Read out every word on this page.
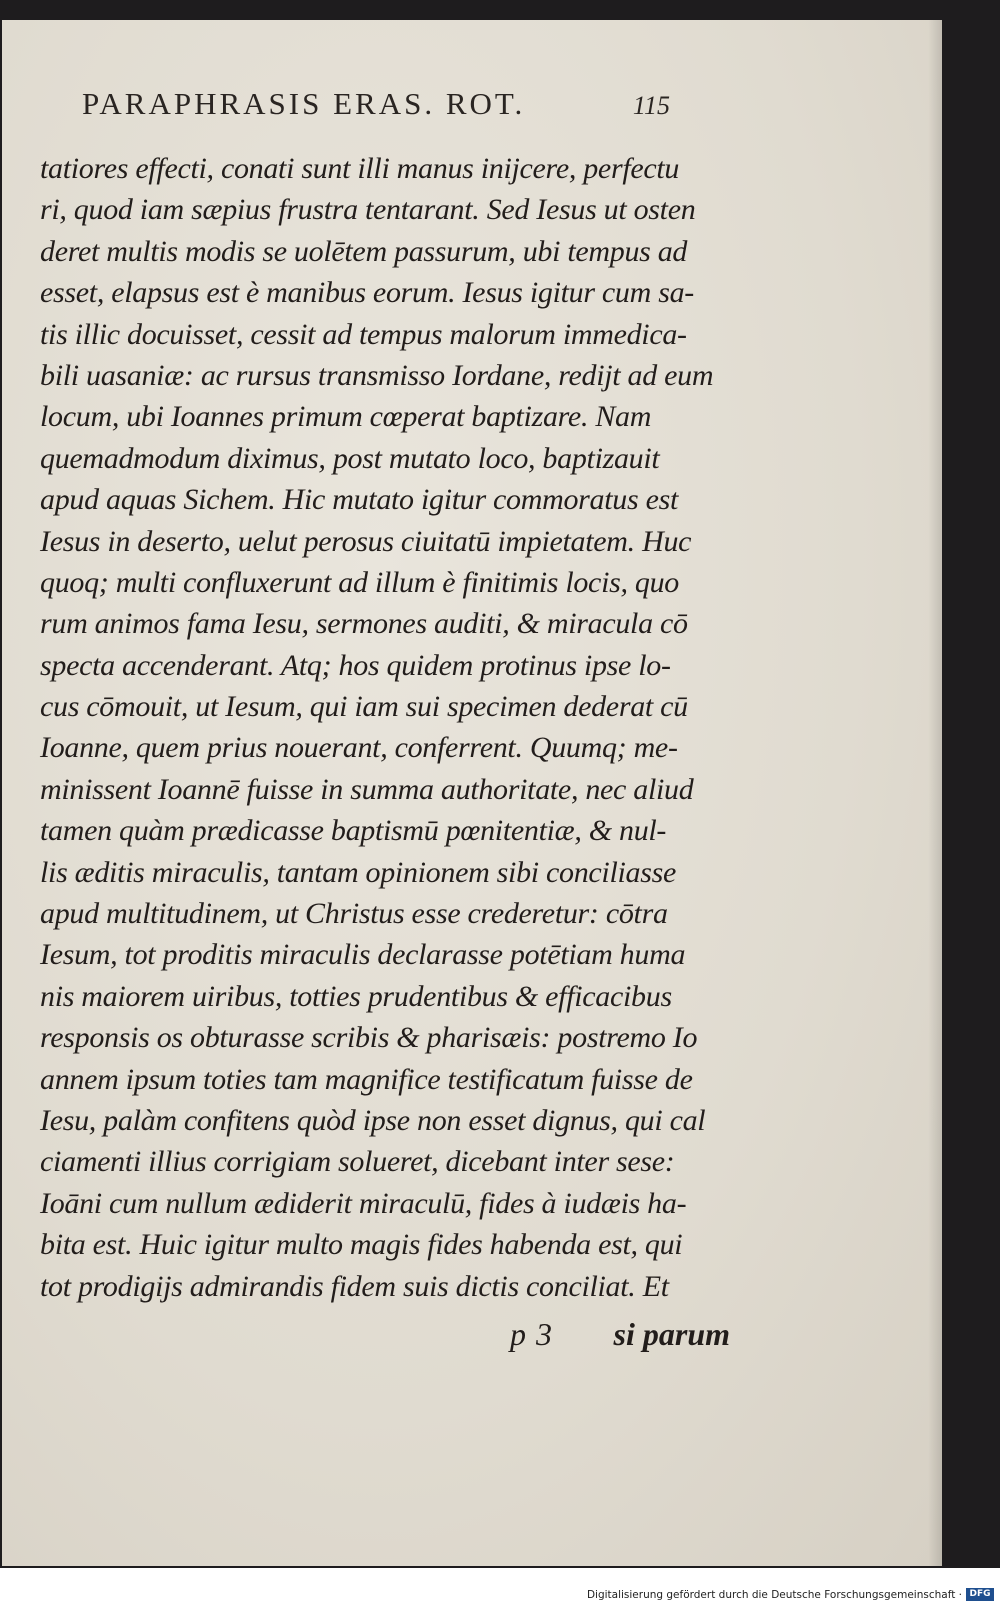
PARAPHRASIS ERAS. ROT.	115
tatiores effecti, conati sunt illi manus inijcere, perfectu
ri, quod iam sæpius frustra tentarant. Sed Iesus ut osten
deret multis modis se uolētem passurum, ubi tempus ad
esset, elapsus est è manibus eorum. Iesus igitur cum sa-
tis illic docuisset, cessit ad tempus malorum immedica-
bili uasaniæ: ac rursus transmisso Iordane, redijt ad eum
locum, ubi Ioannes primum cœperat baptizare. Nam
quemadmodum diximus, post mutato loco, baptizauit
apud aquas Sichem. Hic mutato igitur commoratus est
Iesus in deserto, uelut perosus ciuitatū impietatem. Huc
quoq; multi confluxerunt ad illum è finitimis locis, quo
rum animos fama Iesu, sermones auditi, & miracula cō
specta accenderant. Atq; hos quidem protinus ipse lo-
cus cōmouit, ut Iesum, qui iam sui specimen dederat cū
Ioanne, quem prius nouerant, conferrent. Quumq; me-
minissent Ioannē fuisse in summa authoritate, nec aliud
tamen quàm prædicasse baptismū pœnitentiæ, & nul-
lis æditis miraculis, tantam opinionem sibi conciliasse
apud multitudinem, ut Christus esse crederetur: cōtra
Iesum, tot proditis miraculis declarasse potētiam huma
nis maiorem uiribus, totties prudentibus & efficacibus
responsis os obturasse scribis & pharisæis: postremo Io
annem ipsum toties tam magnifice testificatum fuisse de
Iesu, palàm confitens quòd ipse non esset dignus, qui cal
ciamenti illius corrigiam solueret, dicebant inter sese:
Ioāni cum nullum ædiderit miraculū, fides à iudæis ha-
bita est. Huic igitur multo magis fides habenda est, qui
tot prodigijs admirandis fidem suis dictis conciliat. Et
p 3 si parum
Digitalisierung gefördert durch die Deutsche Forschungsgemeinschaft · DFG
